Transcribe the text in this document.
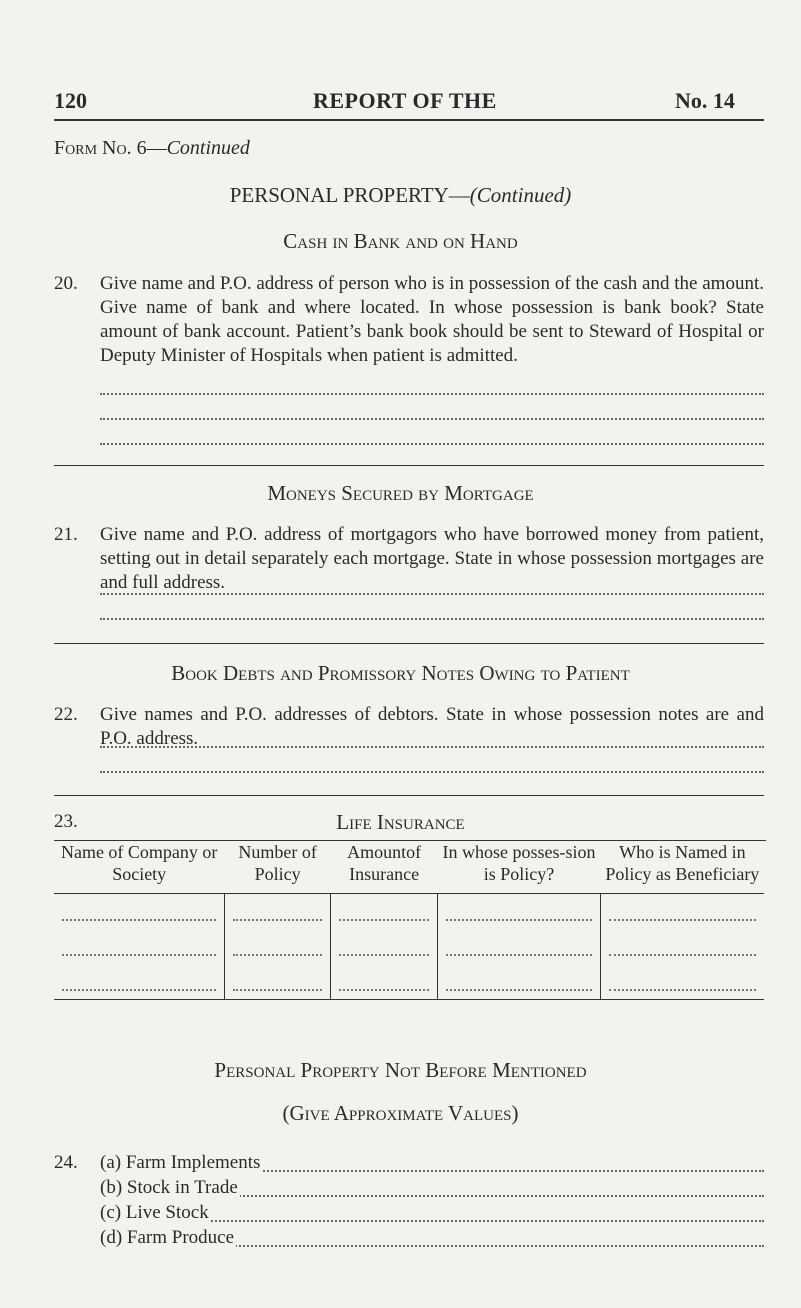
120	REPORT OF THE	No. 14
Form No. 6—Continued
PERSONAL PROPERTY—(Continued)
Cash in Bank and on Hand
20. Give name and P.O. address of person who is in possession of the cash and the amount. Give name of bank and where located. In whose possession is bank book? State amount of bank account. Patient’s bank book should be sent to Steward of Hospital or Deputy Minister of Hospitals when patient is admitted.
Moneys Secured by Mortgage
21. Give name and P.O. address of mortgagors who have borrowed money from patient, setting out in detail separately each mortgage. State in whose possession mortgages are and full address.
Book Debts and Promissory Notes Owing to Patient
22. Give names and P.O. addresses of debtors. State in whose possession notes are and P.O. address.
23.	Life Insurance
Name of Company or Society	Number of Policy	Amountof Insurance	In whose posses-sion is Policy?	Who is Named in Policy as Beneficiary

Personal Property Not Before Mentioned
(Give Approximate Values)
24. (a) Farm Implements
(b) Stock in Trade
(c) Live Stock
(d) Farm Produce
